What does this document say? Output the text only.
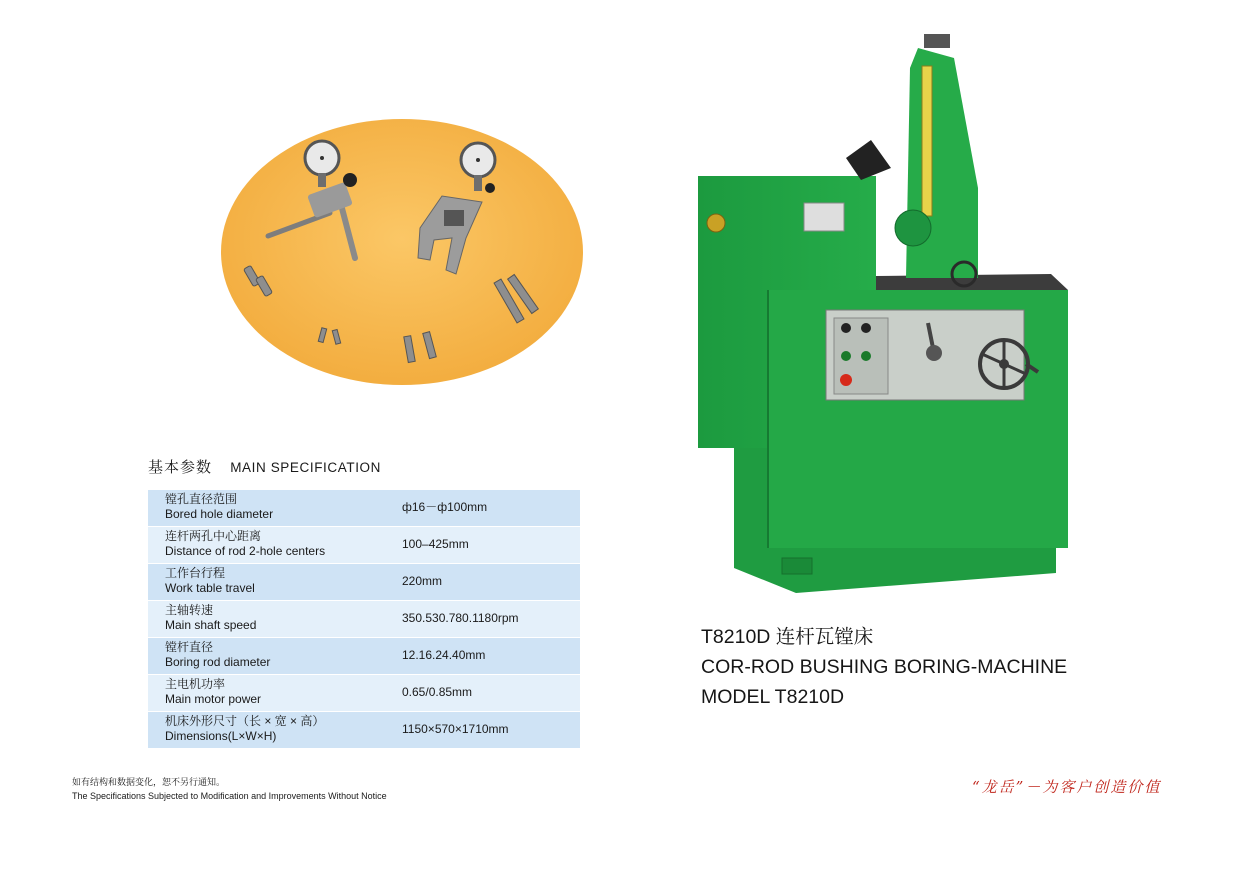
基本参数 MAIN SPECIFICATION
镗孔直径范围
Bored hole diameter	ф16－ф100mm
连杆两孔中心距离
Distance of rod 2-hole centers	100–425mm
工作台行程
Work table travel	220mm
主轴转速
Main shaft speed	350.530.780.1180rpm
镗杆直径
Boring rod diameter	12.16.24.40mm
主电机功率
Main motor power	0.65/0.85mm
机床外形尺寸（长 × 宽 × 高）
Dimensions(L×W×H)	1150×570×1710mm
如有结构和数据变化，恕不另行通知。
The Specifications Subjected to Modification and Improvements Without Notice
T8210D 连杆瓦镗床
COR-ROD BUSHING BORING-MACHINE
MODEL T8210D
“龙岳”－为客户创造价值
